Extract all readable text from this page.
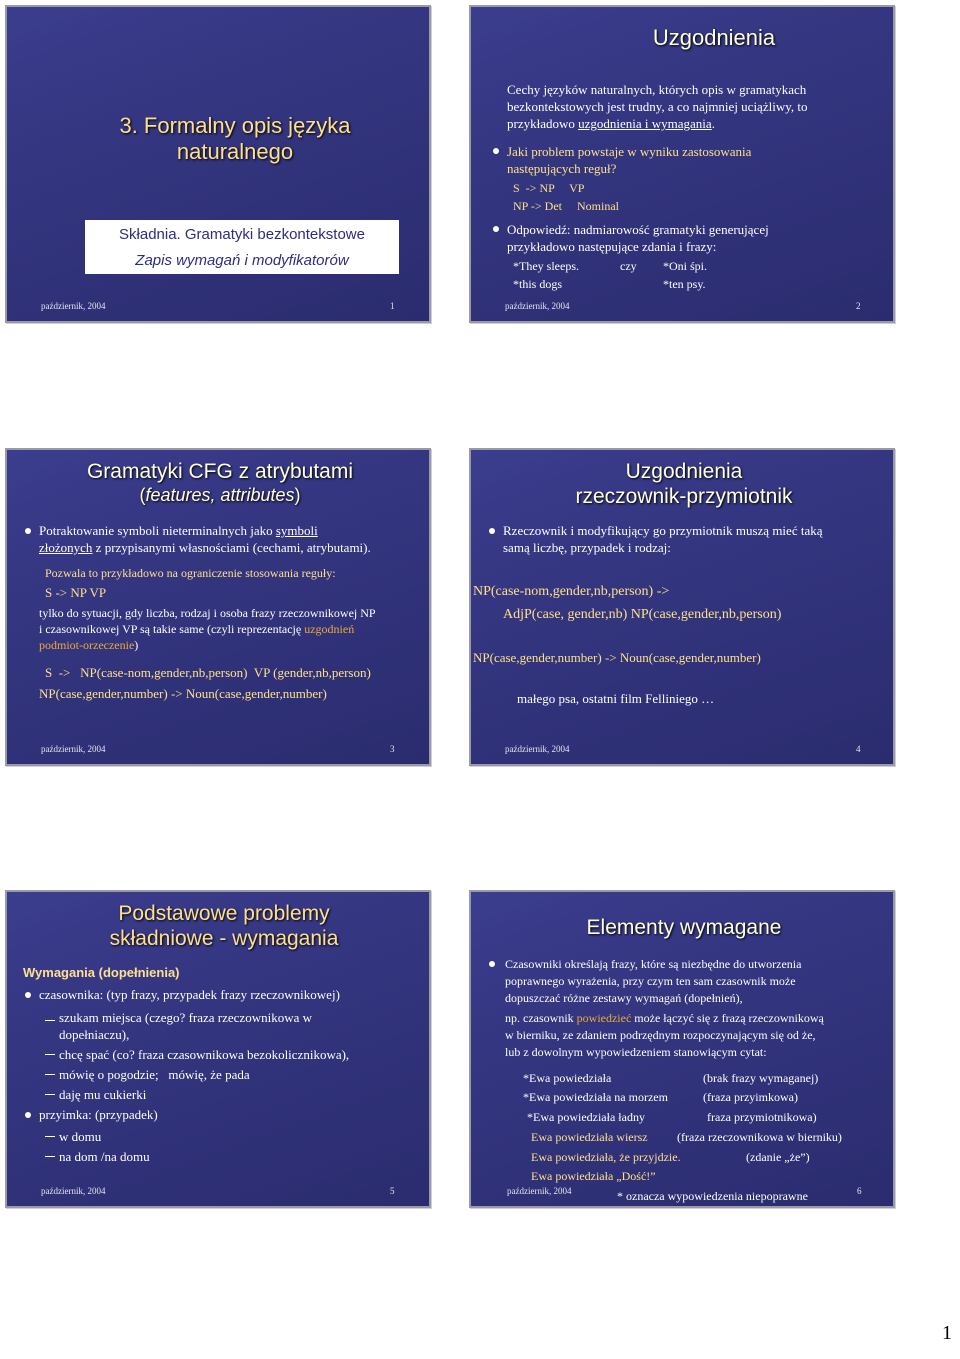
3. Formalny opis języka
naturalnego
Składnia. Gramatyki bezkontekstowe
Zapis wymagań i modyfikatorów
październik, 2004	1
Uzgodnienia
Cechy języków naturalnych, których opis w gramatykach
bezkontekstowych jest trudny, a co najmniej uciążliwy, to
przykładowo uzgodnienia i wymagania.
Jaki problem powstaje w wyniku zastosowania
następujących reguł?
S  -> NP     VP
NP -> Det     Nominal
Odpowiedź: nadmiarowość gramatyki generującej
przykładowo następujące zdania i frazy:
*They sleeps.	czy *Oni śpi.
*this dogs	*ten psy.
październik, 2004	2
Gramatyki CFG z atrybutami
(features, attributes)
Potraktowanie symboli nieterminalnych jako symboli
złożonych z przypisanymi własnościami (cechami, atrybutami).
Pozwala to przykładowo na ograniczenie stosowania reguły:
S -> NP VP
tylko do sytuacji, gdy liczba, rodzaj i osoba frazy rzeczownikowej NP
i czasownikowej VP są takie same (czyli reprezentację uzgodnień
podmiot-orzeczenie)
S  ->   NP(case-nom,gender,nb,person)  VP (gender,nb,person)
NP(case,gender,number) -> Noun(case,gender,number)
październik, 2004	3
Uzgodnienia
rzeczownik-przymiotnik
Rzeczownik i modyfikujący go przymiotnik muszą mieć taką
samą liczbę, przypadek i rodzaj:
NP(case-nom,gender,nb,person) ->
AdjP(case, gender,nb) NP(case,gender,nb,person)
NP(case,gender,number) -> Noun(case,gender,number)
małego psa, ostatni film Felliniego …
październik, 2004	4
Podstawowe problemy
składniowe - wymagania
Wymagania (dopełnienia)
czasownika: (typ frazy, przypadek frazy rzeczownikowej)
szukam miejsca (czego? fraza rzeczownikowa w
dopełniaczu),
chcę spać (co? fraza czasownikowa bezokolicznikowa),
mówię o pogodzie;   mówię, że pada
daję mu cukierki
przyimka: (przypadek)
w domu
na dom /na domu
październik, 2004	5
Elementy wymagane
Czasowniki określają frazy, które są niezbędne do utworzenia
poprawnego wyrażenia, przy czym ten sam czasownik może
dopuszczać różne zestawy wymagań (dopełnień),
np. czasownik powiedzieć może łączyć się z frazą rzeczownikową
w bierniku, ze zdaniem podrzędnym rozpoczynającym się od że,
lub z dowolnym wypowiedzeniem stanowiącym cytat:
*Ewa powiedziała	(brak frazy wymaganej)
*Ewa powiedziała na morzem	(fraza przyimkowa)
*Ewa powiedziała ładny	fraza przymiotnikowa)
Ewa powiedziała wiersz (fraza rzeczownikowa w bierniku)
Ewa powiedziała, że przyjdzie.	(zdanie „że”)
Ewa powiedziała „Dość!”
* oznacza wypowiedzenia niepoprawne
październik, 2004	6
1
